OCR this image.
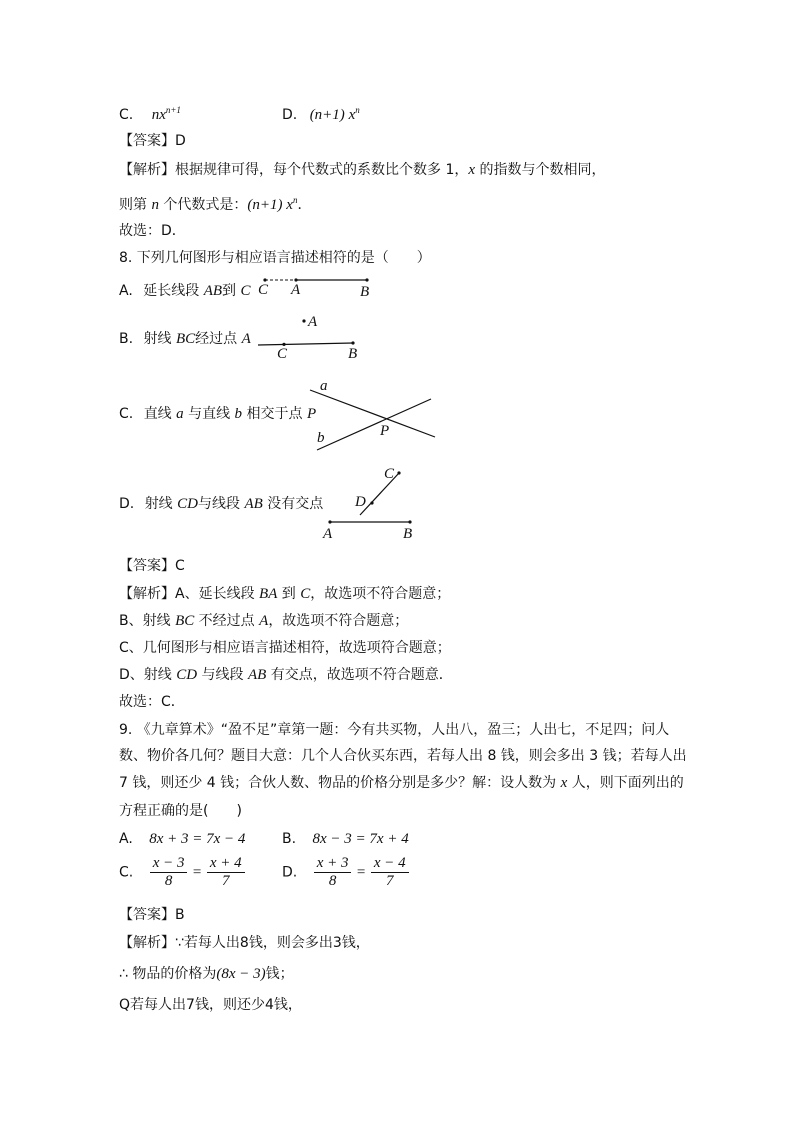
C. $nx^{n+1}$	D. (n+1) $x^n$
【答案】D
【解析】根据规律可得，每个代数式的系数比个数多 1，x 的指数与个数相同，
则第 n 个代数式是：(n+1) $x^n$．
故选：D．
8. 下列几何图形与相应语言描述相符的是（　　）
A. 延长线段 AB到 C C A	B
B. 射线 BC经过点 A
A
C	B
C. 直线 a 与直线 b 相交于点 P
a
b	P
D. 射线 CD与线段 AB 没有交点
C
D
A	B
【答案】C
【解析】A、延长线段 BA 到 C，故选项不符合题意；
B、射线 BC 不经过点 A，故选项不符合题意；
C、几何图形与相应语言描述相符，故选项符合题意；
D、射线 CD 与线段 AB 有交点，故选项不符合题意．
故选：C．
9. 《九章算术》“盈不足”章第一题：今有共买物，人出八，盈三；人出七，不足四；问人
数、物价各几何？题目大意：几个人合伙买东西，若每人出 8 钱，则会多出 3 钱；若每人出
7 钱，则还少 4 钱；合伙人数、物品的价格分别是多少？解：设人数为 x 人，则下面列出的
方程正确的是(　　)
A. 8x + 3 = 7x − 4	B. 8x − 3 = 7x + 4
C. $\frac{x - 3}{8} = \frac{x + 4}{7}$	D. $\frac{x + 3}{8} = \frac{x - 4}{7}$
【答案】B
【解析】∵若每人出8钱，则会多出3钱，
∴ 物品的价格为(8x − 3)钱；
Q若每人出7钱，则还少4钱，
